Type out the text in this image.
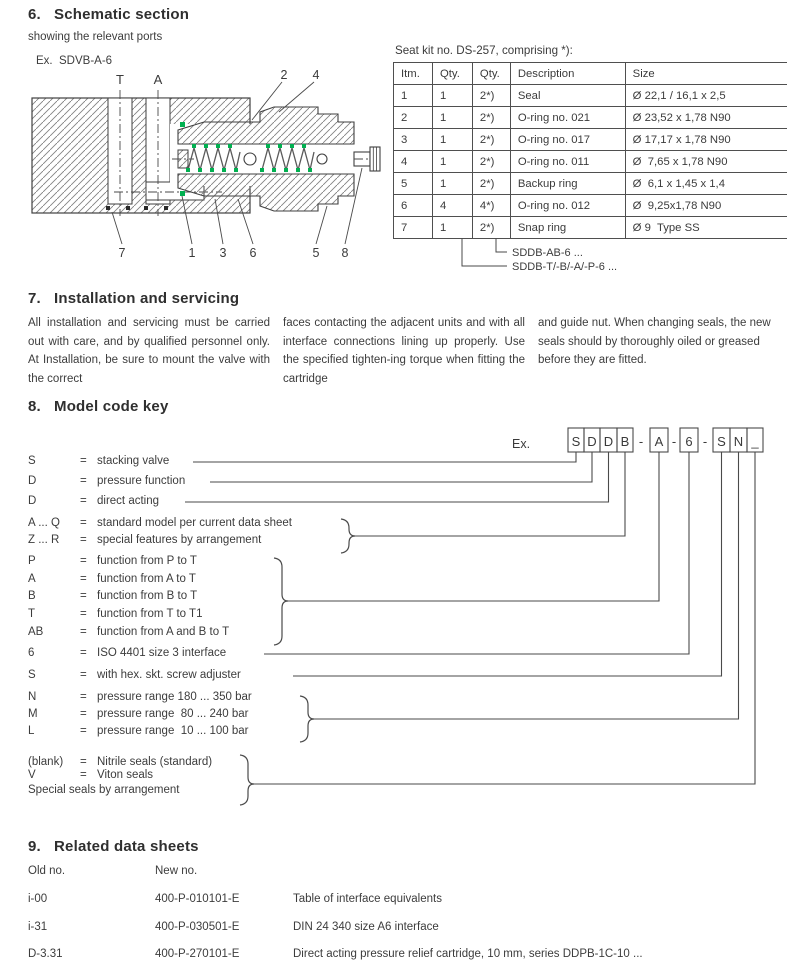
6. Schematic section
showing the relevant ports
Ex.  SDVB-A-6
T A	2 4
7	1 3 6	5 8
Seat kit no. DS-257, comprising *):
Itm.	Qty.	Qty.	Description	Size
1	1	2*)	Seal	Ø 22,1 / 16,1 x 2,5
2	1	2*)	O-ring no. 021	Ø 23,52 x 1,78 N90
3	1	2*)	O-ring no. 017	Ø 17,17 x 1,78 N90
4	1	2*)	O-ring no. 011	Ø  7,65 x 1,78 N90
5	1	2*)	Backup ring	Ø  6,1 x 1,45 x 1,4
6	4	4*)	O-ring no. 012	Ø  9,25x1,78 N90
7	1	2*)	Snap ring	Ø 9  Type SS
SDDB-AB-6 ...
SDDB-T/-B/-A/-P-6 ...
7. Installation and servicing
All installation and servicing must be carried out with care, and by qualified personnel only. At Installation, be sure to mount the valve with the correct
faces contacting the adjacent units and with all interface connections lining up properly. Use the specified tighten-ing torque when fitting the cartridge
and guide nut. When changing seals, the new seals should by thoroughly oiled or greased before they are fitted.
8. Model code key
Ex.	S D D B - A - 6 - S N _
S	= stacking valve
D	= pressure function
D	= direct acting
A ... Q = standard model per current data sheet
Z ... R = special features by arrangement
P	= function from P to T
A	= function from A to T
B	= function from B to T
T	= function from T to T1
AB	= function from A and B to T
6	= ISO 4401 size 3 interface
S	= with hex. skt. screw adjuster
N	= pressure range 180 ... 350 bar
M	= pressure range  80 ... 240 bar
L	= pressure range  10 ... 100 bar
(blank) = Nitrile seals (standard)
V	= Viton seals
Special seals by arrangement
9. Related data sheets
Old no.	New no.
i-00	400-P-010101-E	Table of interface equivalents
i-31	400-P-030501-E	DIN 24 340 size A6 interface
D-3.31	400-P-270101-E	Direct acting pressure relief cartridge, 10 mm, series DDPB-1C-10 ...
